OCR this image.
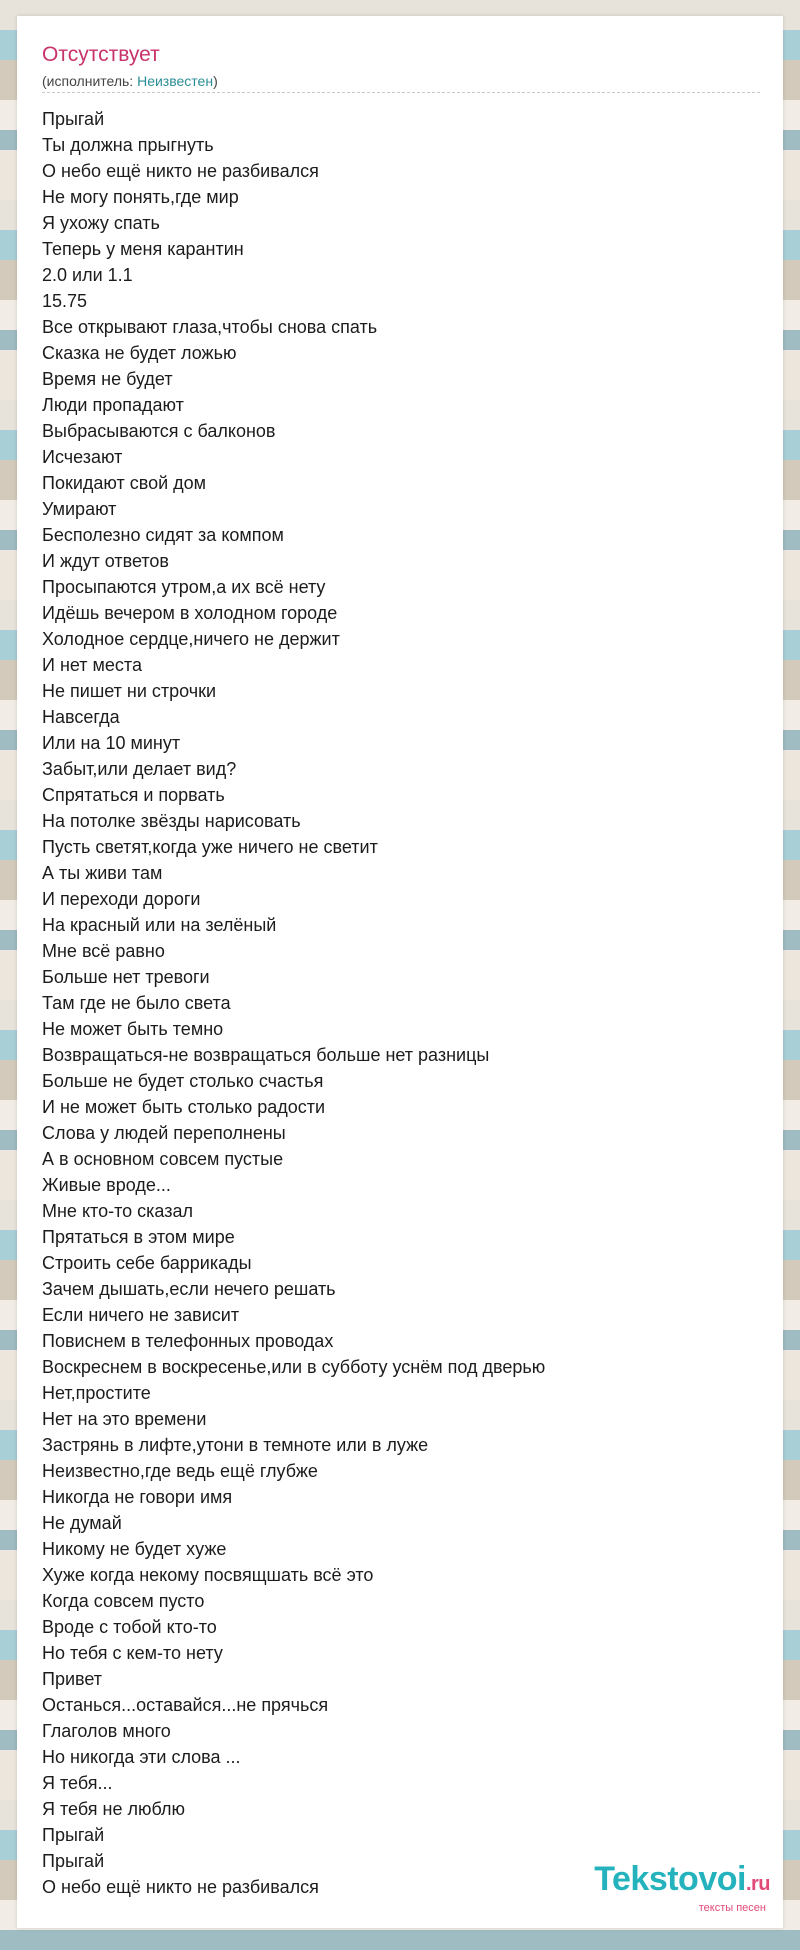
Отсутствует
(исполнитель: Неизвестен)
Прыгай
Ты должна прыгнуть
О небо ещё никто не разбивался
Не могу понять,где мир
Я ухожу спать
Теперь у меня карантин
2.0 или 1.1
15.75
Все открывают глаза,чтобы снова спать
Сказка не будет ложью
Время не будет
Люди пропадают
Выбрасываются с балконов
Исчезают
Покидают свой дом
Умирают
Бесполезно сидят за компом
И ждут ответов
Просыпаются утром,а их всё нету
Идёшь вечером в холодном городе
Холодное сердце,ничего не держит
И нет места
Не пишет ни строчки
Навсегда
Или на 10 минут
Забыт,или делает вид?
Спрятаться и порвать
На потолке звёзды нарисовать
Пусть светят,когда уже ничего не светит
А ты живи там
И переходи дороги
На красный или на зелёный
Мне всё равно
Больше нет тревоги
Там где не было света
Не может быть темно
Возвращаться-не возвращаться больше нет разницы
Больше не будет столько счастья
И не может быть столько радости
Слова у людей переполнены
А в основном совсем пустые
Живые вроде...
Мне кто-то сказал
Прятаться в этом мире
Строить себе баррикады
Зачем дышать,если нечего решать
Если ничего не зависит
Повиснем в телефонных проводах
Воскреснем в воскресенье,или в субботу уснём под дверью
Нет,простите
Нет на это времени
Застрянь в лифте,утони в темноте или в луже
Неизвестно,где ведь ещё глубже
Никогда не говори имя
Не думай
Никому не будет хуже
Хуже когда некому посвящшать всё это
Когда совсем пусто
Вроде с тобой кто-то
Но тебя с кем-то нету
Привет
Останься...оставайся...не прячься
Глаголов много
Но никогда эти слова ...
Я тебя...
Я тебя не люблю
Прыгай
Прыгай
О небо ещё никто не разбивался	Tekstovoi.ru
тексты песен
